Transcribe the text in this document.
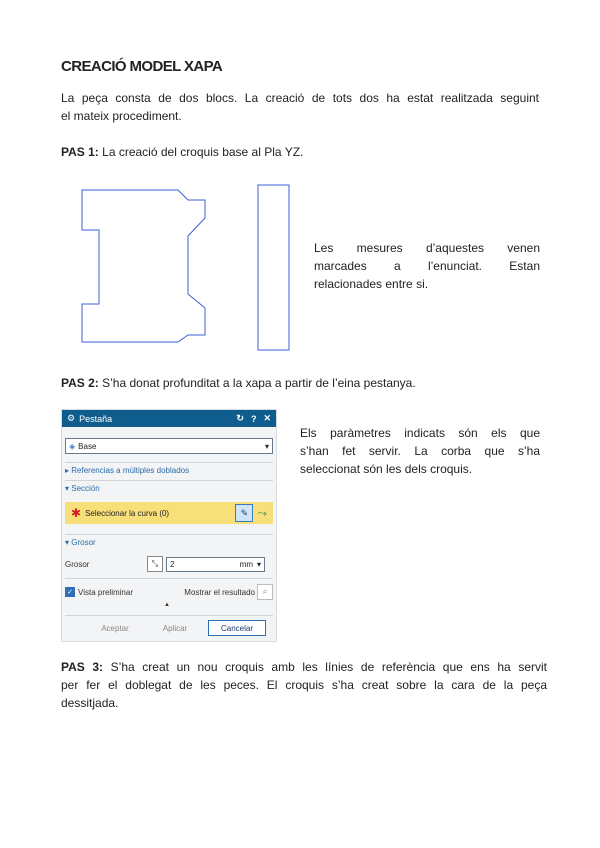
CREACIÓ MODEL XAPA
La peça consta de dos blocs. La creació de tots dos ha estat realitzada seguint
el mateix procediment.
PAS 1: La creació del croquis base al Pla YZ.
Les mesures d’aquestes venen
marcades a l’enunciat. Estan
relacionades entre si.
PAS 2: S’ha donat profunditat a la xapa a partir de l’eina pestanya.
⚙ Pestaña	↻ ? ✕
◈ Base	▾
▸ Referencias a múltiples doblados
▾ Sección
✱ Seleccionar la curva (0)	✎ ⤳
▾ Grosor
Grosor	⤡	2	mm ▾
✓ Vista preliminar	Mostrar el resultado ⌕
▲
Aceptar	Aplicar	Cancelar
Els paràmetres indicats són els que
s’han fet servir. La corba que s’ha
seleccionat són les dels croquis.
PAS 3: S’ha creat un nou croquis amb les línies de referència que ens ha servit
per fer el doblegat de les peces. El croquis s’ha creat sobre la cara de la peça
dessitjada.
